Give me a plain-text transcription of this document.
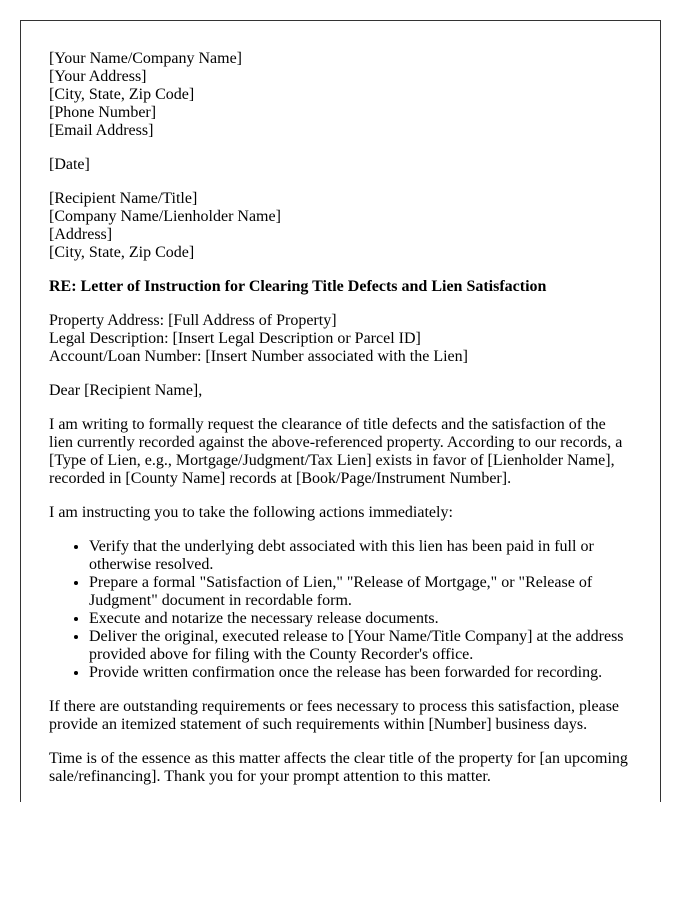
[Your Name/Company Name]
[Your Address]
[City, State, Zip Code]
[Phone Number]
[Email Address]

[Date]

[Recipient Name/Title]
[Company Name/Lienholder Name]
[Address]
[City, State, Zip Code]

RE: Letter of Instruction for Clearing Title Defects and Lien Satisfaction

Property Address: [Full Address of Property]
Legal Description: [Insert Legal Description or Parcel ID]
Account/Loan Number: [Insert Number associated with the Lien]

Dear [Recipient Name],

I am writing to formally request the clearance of title defects and the satisfaction of the lien currently recorded against the above-referenced property. According to our records, a [Type of Lien, e.g., Mortgage/Judgment/Tax Lien] exists in favor of [Lienholder Name], recorded in [County Name] records at [Book/Page/Instrument Number].

I am instructing you to take the following actions immediately:

• Verify that the underlying debt associated with this lien has been paid in full or otherwise resolved.
• Prepare a formal "Satisfaction of Lien," "Release of Mortgage," or "Release of Judgment" document in recordable form.
• Execute and notarize the necessary release documents.
• Deliver the original, executed release to [Your Name/Title Company] at the address provided above for filing with the County Recorder's office.
• Provide written confirmation once the release has been forwarded for recording.

If there are outstanding requirements or fees necessary to process this satisfaction, please provide an itemized statement of such requirements within [Number] business days.

Time is of the essence as this matter affects the clear title of the property for [an upcoming sale/refinancing]. Thank you for your prompt attention to this matter.
